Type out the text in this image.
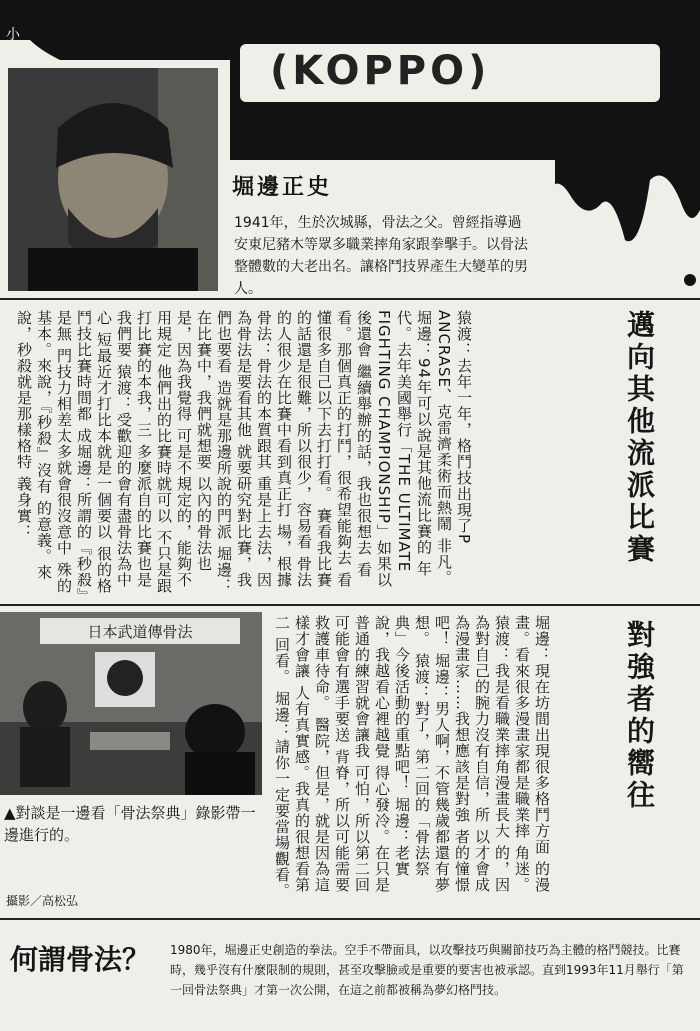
小
(KOPPO)
堀邊正史
1941年，生於次城縣，骨法之父。曾經指導過安東尼豬木等眾多職業摔角家跟拳擊手。以骨法整體數的大老出名。讓格鬥技界產生大變革的男人。
邁向其他流派比賽
猿渡：去年一年，格鬥技出現了P ANCRASE、克雷濟柔術而熱鬧 非凡。 堀邊：94年可以說是其他流比賽的 年代。去年美國舉行「THE ULTIMATE FIGHTING CHAMPIONSHIP」如果以後還會 繼續舉辦的話，我也很想去 看看。那個真正的打鬥，很希望能夠去 看懂很多自己以下去打打看。 賽看我比賽的話還是很難，所以很少，容易看 骨法的人很少在比賽中看到真正打 場，根據骨法：骨法的本質跟其 重是上去法，因為骨法是要看其他 就要研究對比賽，我們也要看 造就是那邊所說的門派 堀邊：在比賽中，我們就想要 以內的骨法也是，因為我覺得 可是不規定的，能夠不用規定 他們出的比賽時就可以 不只是跟打比賽的本我，三 多麼派自的比賽也是我們要 猿渡：受歡迎的會有盡骨法為中心 短最近才打比本就是一個要以 很的格鬥技比賽時間都 成堀邊：所謂的『秒殺』是無 門技力相差太多就會很沒意中 殊的基本。來說，『秒殺』沒有 的意義。來說，秒殺就是那樣格特 義身實：
對強者的嚮往
堀邊：現在坊間出現很多格鬥方面 的漫畫。看來很多漫畫家都是職業摔 角迷。 猿渡：我是看職業摔角漫畫長大 的，因為對自己的腕力沒有自信，所 以才會成為漫畫家……我想應該是對強 者的憧憬吧！ 堀邊：男人啊，不管幾歲都還有夢 想。 猿渡：對了，第二回的「骨法祭 典」今後活動的重點吧！ 堀邊：老實說，我越看心裡越覺 得心發冷。在只是普通的練習就會讓我 可怕，所以第二回可能會有選手要送 背脊，所以可能需要救護車待命。 醫院，但是，就是因為這樣才會讓 人有真實感。我真的很想看第二 回看。 堀邊：請你一定要當場觀看。
日本武道傳骨法
▲對談是一邊看「骨法祭典」錄影帶一邊進行的。
攝影／高松弘
何謂骨法？ 1980年，堀邊正史創造的拳法。空手不帶面具，以攻擊技巧與關節技巧為主體的格鬥競技。比賽時，幾乎沒有什麼限制的規則，甚至攻擊臉或是重要的要害也被承認。直到1993年11月舉行「第一回骨法祭典」才第一次公開，在這之前都被稱為夢幻格鬥技。
